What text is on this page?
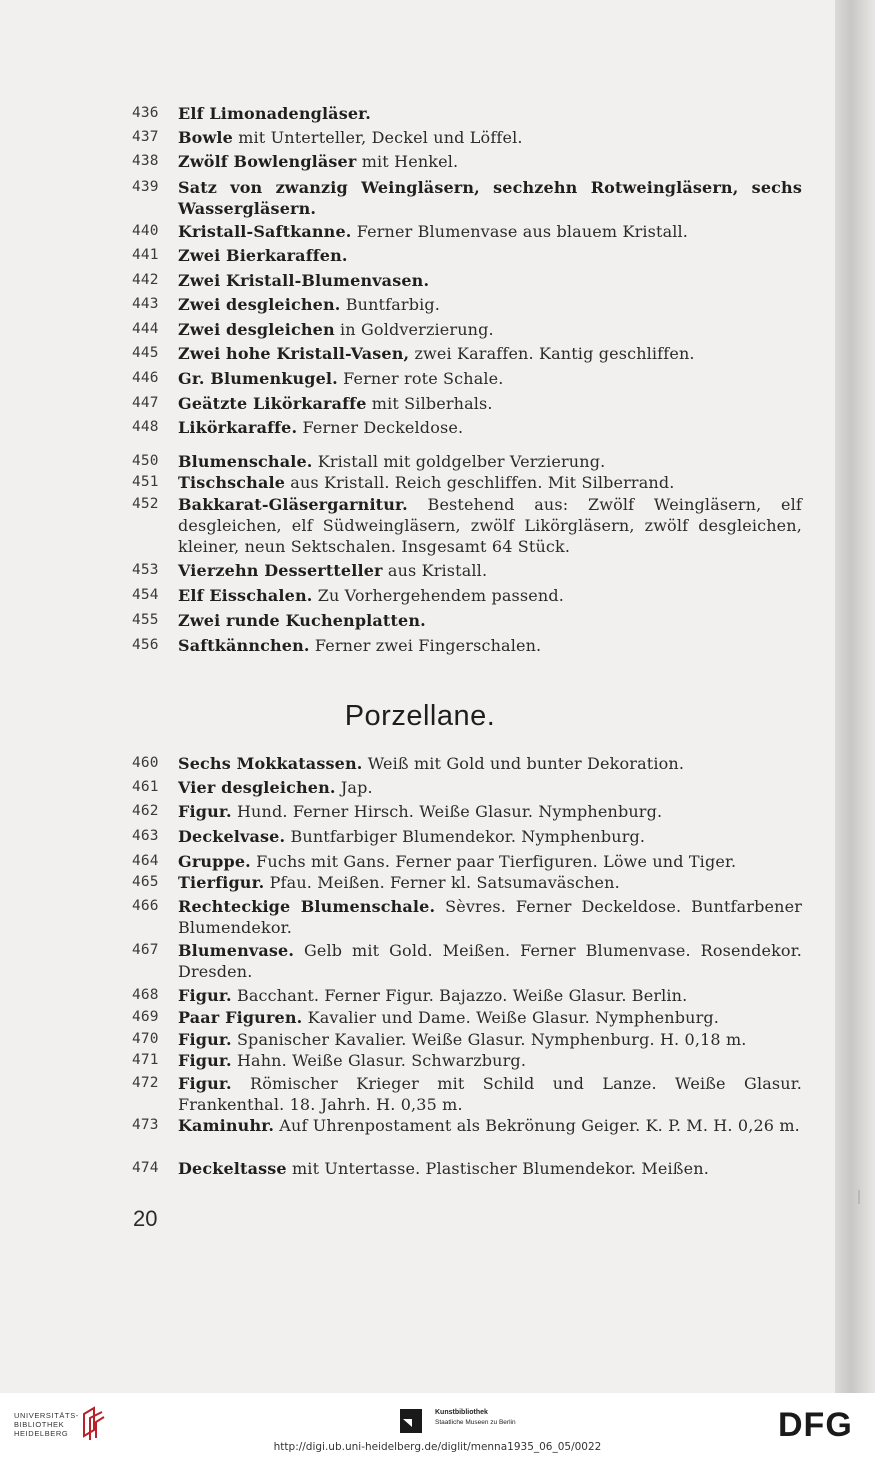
436	Elf Limonadengläser.
437	Bowle mit Unterteller, Deckel und Löffel.
438	Zwölf Bowlengläser mit Henkel.
439	Satz von zwanzig Weingläsern, sechzehn Rotweingläsern, sechs Wassergläsern.
440	Kristall-Saftkanne. Ferner Blumenvase aus blauem Kristall.
441	Zwei Bierkaraffen.
442	Zwei Kristall-Blumenvasen.
443	Zwei desgleichen. Buntfarbig.
444	Zwei desgleichen in Goldverzierung.
445	Zwei hohe Kristall-Vasen, zwei Karaffen. Kantig geschliffen.
446	Gr. Blumenkugel. Ferner rote Schale.
447	Geätzte Likörkaraffe mit Silberhals.
448	Likörkaraffe. Ferner Deckeldose.
450	Blumenschale. Kristall mit goldgelber Verzierung.
451	Tischschale aus Kristall. Reich geschliffen. Mit Silberrand.
452	Bakkarat-Gläsergarnitur. Bestehend aus: Zwölf Weingläsern, elf desgleichen, elf Südweingläsern, zwölf Likörgläsern, zwölf desgleichen, kleiner, neun Sektschalen. Insgesamt 64 Stück.
453	Vierzehn Dessertteller aus Kristall.
454	Elf Eisschalen. Zu Vorhergehendem passend.
455	Zwei runde Kuchenplatten.
456	Saftkännchen. Ferner zwei Fingerschalen.
Porzellane.
460	Sechs Mokkatassen. Weiß mit Gold und bunter Dekoration.
461	Vier desgleichen. Jap.
462	Figur. Hund. Ferner Hirsch. Weiße Glasur. Nymphenburg.
463	Deckelvase. Buntfarbiger Blumendekor. Nymphenburg.
464	Gruppe. Fuchs mit Gans. Ferner paar Tierfiguren. Löwe und Tiger.
465	Tierfigur. Pfau. Meißen. Ferner kl. Satsumaväschen.
466	Rechteckige Blumenschale. Sèvres. Ferner Deckeldose. Buntfarbener Blumendekor.
467	Blumenvase. Gelb mit Gold. Meißen. Ferner Blumenvase. Rosendekor. Dresden.
468	Figur. Bacchant. Ferner Figur. Bajazzo. Weiße Glasur. Berlin.
469	Paar Figuren. Kavalier und Dame. Weiße Glasur. Nymphenburg.
470	Figur. Spanischer Kavalier. Weiße Glasur. Nymphenburg. H. 0,18 m.
471	Figur. Hahn. Weiße Glasur. Schwarzburg.
472	Figur. Römischer Krieger mit Schild und Lanze. Weiße Glasur. Frankenthal. 18. Jahrh. H. 0,35 m.
473	Kaminuhr. Auf Uhrenpostament als Bekrönung Geiger. K. P. M. H. 0,26 m.
474	Deckeltasse mit Untertasse. Plastischer Blumendekor. Meißen.
20
UNIVERSITÄTS-
BIBLIOTHEK
HEIDELBERG
Kunstbibliothek
Staatliche Museen zu Berlin	DFG
http://digi.ub.uni-heidelberg.de/diglit/menna1935_06_05/0022
